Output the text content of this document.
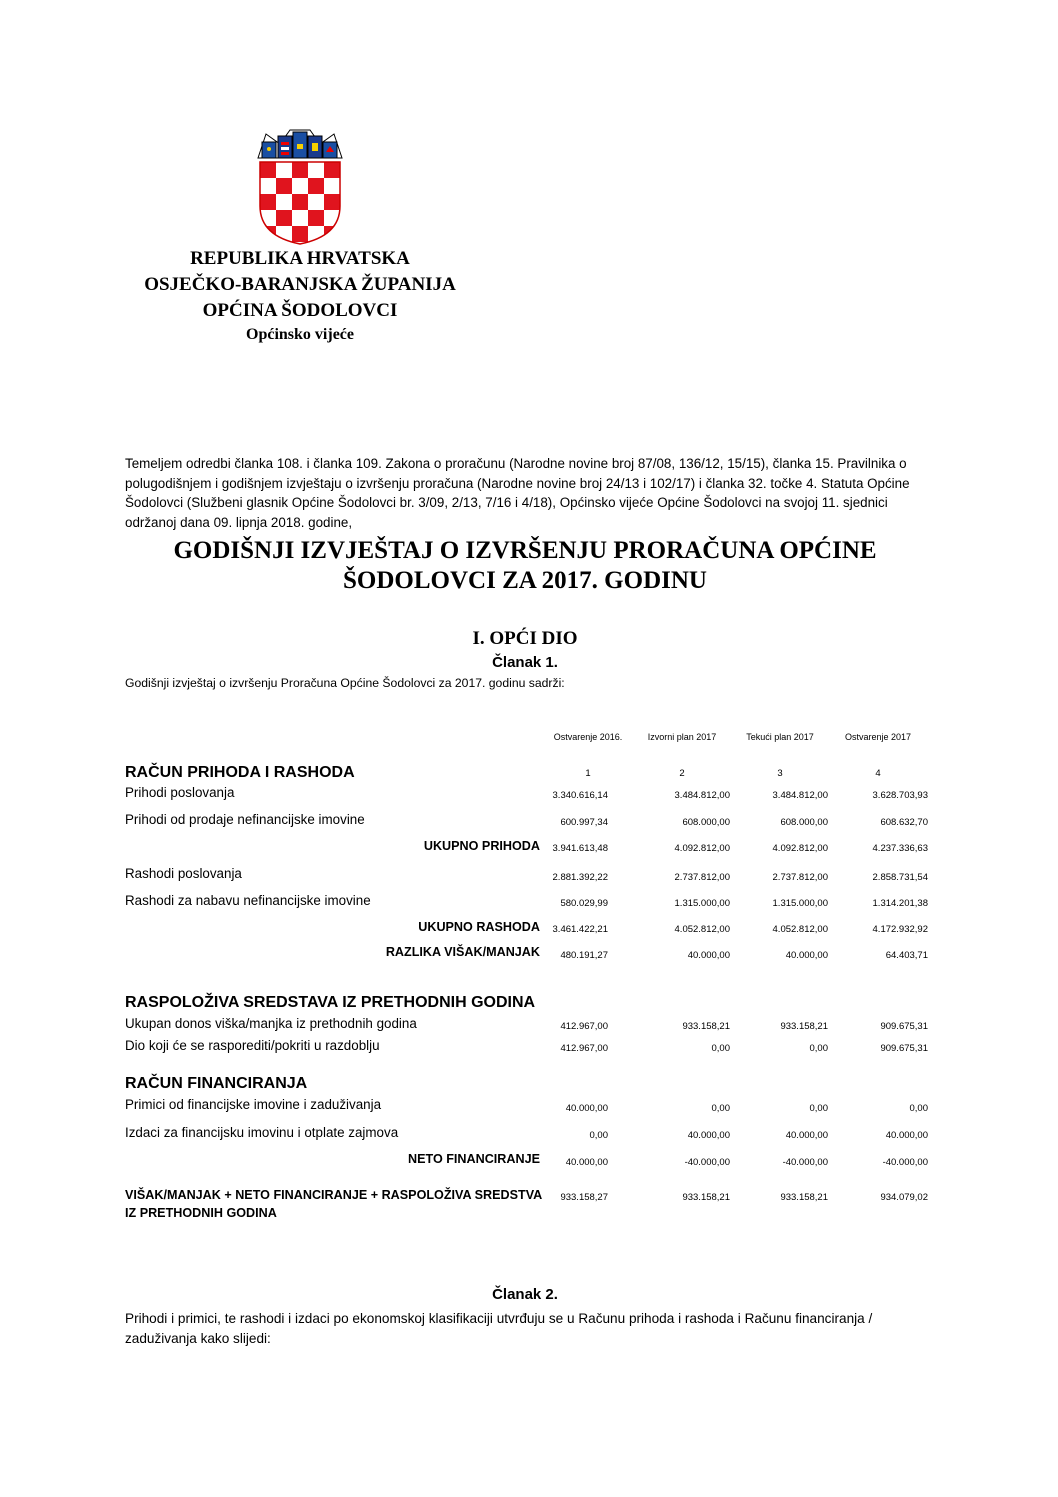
REPUBLIKA HRVATSKA
OSJEČKO-BARANJSKA ŽUPANIJA
OPĆINA ŠODOLOVCI
Općinsko vijeće
Temeljem odredbi članka 108. i članka 109. Zakona o proračunu (Narodne novine broj 87/08, 136/12, 15/15), članka 15. Pravilnika o polugodišnjem i godišnjem izvještaju o izvršenju proračuna (Narodne novine broj 24/13 i 102/17) i članka 32. točke 4. Statuta Općine Šodolovci (Službeni glasnik Općine Šodolovci br. 3/09, 2/13, 7/16 i 4/18), Općinsko vijeće Općine Šodolovci na svojoj 11. sjednici održanoj dana 09. lipnja 2018. godine,
GODIŠNJI IZVJEŠTAJ O IZVRŠENJU PRORAČUNA OPĆINE
ŠODOLOVCI ZA 2017. GODINU
I. OPĆI DIO
Članak 1.
Godišnji izvještaj o izvršenju Proračuna Općine Šodolovci za 2017. godinu sadrži:
Ostvarenje 2016.	Izvorni plan 2017	Tekući plan 2017	Ostvarenje 2017
1	2	3	4
RAČUN PRIHODA I RASHODA
RASPOLOŽIVA SREDSTAVA IZ PRETHODNIH GODINA
RAČUN FINANCIRANJA
Prihodi poslovanja	3.340.616,14	3.484.812,00	3.484.812,00	3.628.703,93
Prihodi od prodaje nefinancijske imovine	600.997,34	608.000,00	608.000,00	608.632,70
UKUPNO PRIHODA	3.941.613,48	4.092.812,00	4.092.812,00	4.237.336,63
Rashodi poslovanja	2.881.392,22	2.737.812,00	2.737.812,00	2.858.731,54
Rashodi za nabavu nefinancijske imovine	580.029,99	1.315.000,00	1.315.000,00	1.314.201,38
UKUPNO RASHODA	3.461.422,21	4.052.812,00	4.052.812,00	4.172.932,92
RAZLIKA VIŠAK/MANJAK	480.191,27	40.000,00	40.000,00	64.403,71
Ukupan donos viška/manjka iz prethodnih godina	412.967,00	933.158,21	933.158,21	909.675,31
Dio koji će se rasporediti/pokriti u razdoblju	412.967,00	0,00	0,00	909.675,31
Primici od financijske imovine i zaduživanja	40.000,00	0,00	0,00	0,00
Izdaci za financijsku imovinu i otplate zajmova	0,00	40.000,00	40.000,00	40.000,00
NETO FINANCIRANJE	40.000,00	-40.000,00	-40.000,00	-40.000,00
VIŠAK/MANJAK + NETO FINANCIRANJE + RASPOLOŽIVA SREDSTVA IZ PRETHODNIH GODINA
933.158,27	933.158,21	933.158,21	934.079,02
Članak 2.
Prihodi i primici, te rashodi i izdaci po ekonomskoj klasifikaciji utvrđuju se u Računu prihoda i rashoda i Računu financiranja / zaduživanja kako slijedi:
